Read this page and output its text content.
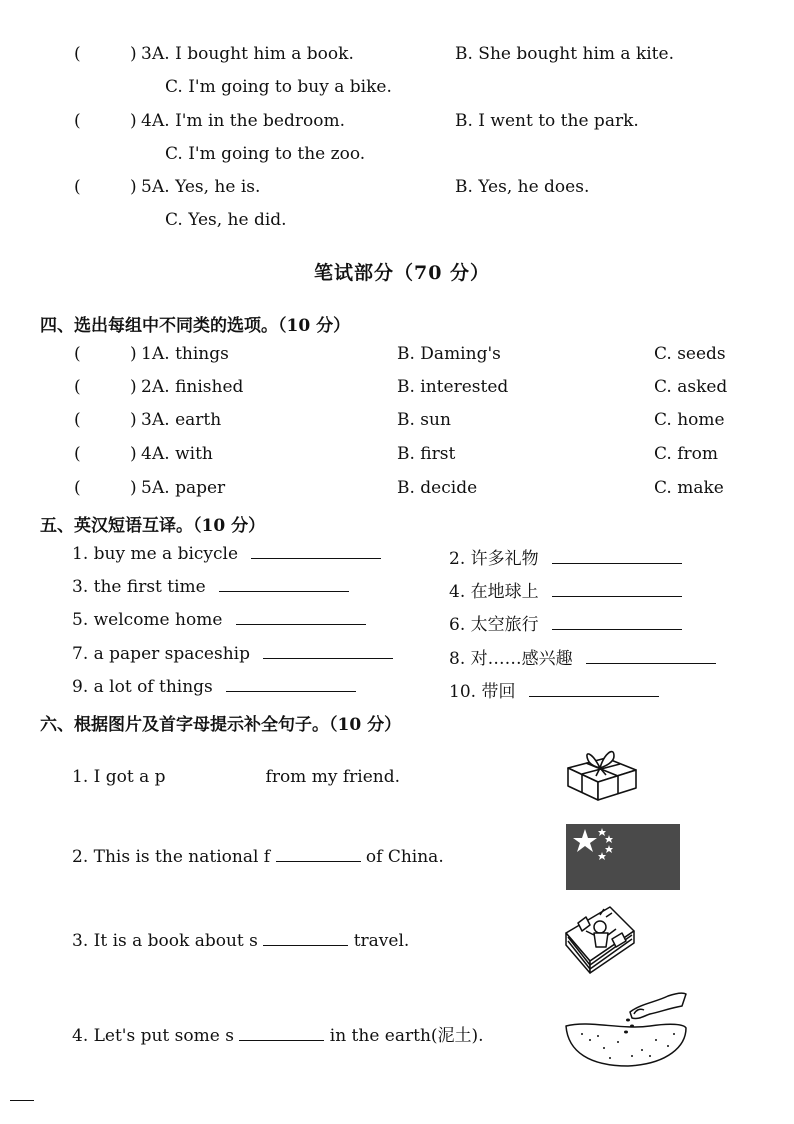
(	) 3 A. I bought him a book.	B. She bought him a kite.
C. I'm going to buy a bike.
(	) 4 A. I'm in the bedroom.	B. I went to the park.
C. I'm going to the zoo.
(	) 5 A. Yes, he is.	B. Yes, he does.
C. Yes, he did.
笔试部分（70 分）
四、选出每组中不同类的选项。（10 分）
(	) 1 A. things	B. Daming's	C. seeds
(	) 2 A. finished	B. interested	C. asked
(	) 3 A. earth	B. sun	C. home
(	) 4 A. with	B. first	C. from
(	) 5 A. paper	B. decide	C. make
五、英汉短语互译。（10 分）
1. buy me a bicycle	2. 许多礼物
3. the first time	4. 在地球上
5. welcome home	6. 太空旅行
7. a paper spaceship	8. 对……感兴趣
9. a lot of things	10. 带回
六、根据图片及首字母提示补全句子。（10 分）
1. I got a p	from my friend.
2. This is the national f	of China.
3. It is a book about s	travel.
4. Let's put some s	in the earth(泥土).
